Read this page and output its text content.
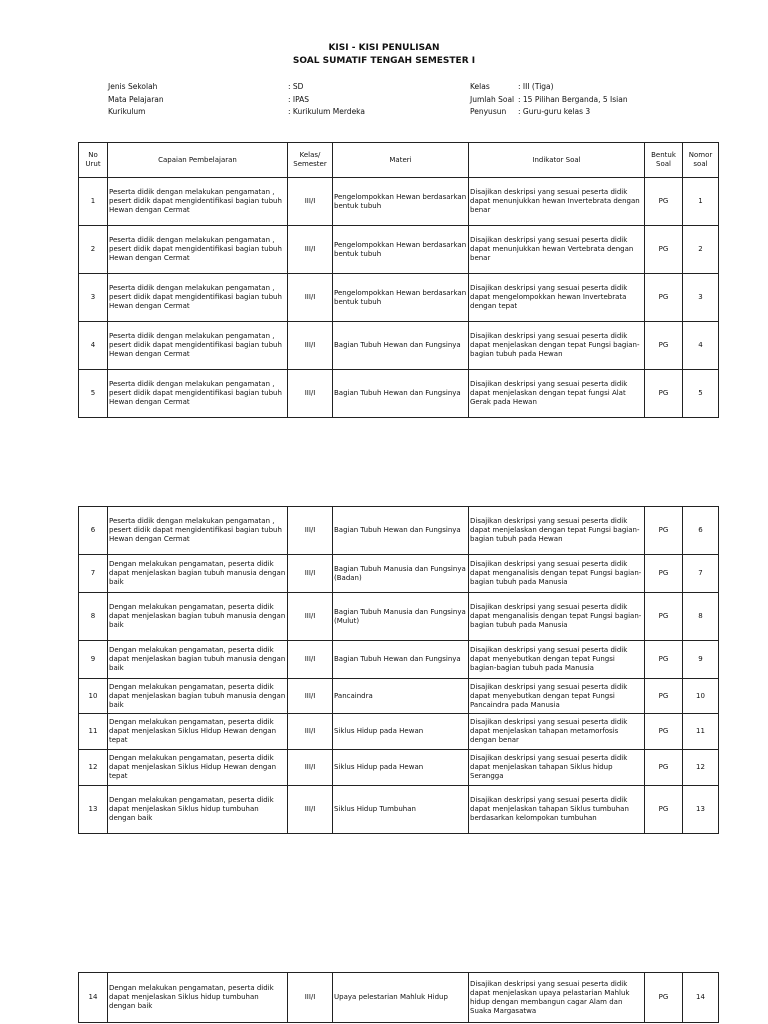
KISI - KISI PENULISAN
SOAL SUMATIF TENGAH SEMESTER I
Jenis Sekolah	: SD
Mata Pelajaran	: IPAS
Kurikulum	: Kurikulum Merdeka
Kelas	: III (Tiga)
Jumlah Soal : 15 Pilihan Berganda, 5 Isian
Penyusun : Guru-guru kelas 3
No Urut	Capaian Pembelajaran	Kelas/ Semester	Materi	Indikator Soal	Bentuk Soal	Nomor soal
1	Peserta didik dengan melakukan pengamatan , pesert didik dapat mengidentifikasi bagian tubuh Hewan dengan Cermat	III/I	Pengelompokkan Hewan berdasarkan bentuk tubuh	Disajikan deskripsi yang sesuai peserta didik dapat menunjukkan hewan Invertebrata dengan benar	PG	1
2	Peserta didik dengan melakukan pengamatan , pesert didik dapat mengidentifikasi bagian tubuh Hewan dengan Cermat	III/I	Pengelompokkan Hewan berdasarkan bentuk tubuh	Disajikan deskripsi yang sesuai peserta didik dapat menunjukkan hewan Vertebrata dengan benar	PG	2
3	Peserta didik dengan melakukan pengamatan , pesert didik dapat mengidentifikasi bagian tubuh Hewan dengan Cermat	III/I	Pengelompokkan Hewan berdasarkan bentuk tubuh	Disajikan deskripsi yang sesuai peserta didik dapat mengelompokkan hewan Invertebrata dengan tepat	PG	3
4	Peserta didik dengan melakukan pengamatan , pesert didik dapat mengidentifikasi bagian tubuh Hewan dengan Cermat	III/I	Bagian Tubuh Hewan dan Fungsinya	Disajikan deskripsi yang sesuai peserta didik dapat menjelaskan dengan tepat Fungsi bagian-bagian tubuh pada Hewan	PG	4
5	Peserta didik dengan melakukan pengamatan , pesert didik dapat mengidentifikasi bagian tubuh Hewan dengan Cermat	III/I	Bagian Tubuh Hewan dan Fungsinya	Disajikan deskripsi yang sesuai peserta didik dapat menjelaskan dengan tepat fungsi Alat Gerak pada Hewan	PG	5
6	Peserta didik dengan melakukan pengamatan , pesert didik dapat mengidentifikasi bagian tubuh Hewan dengan Cermat	III/I	Bagian Tubuh Hewan dan Fungsinya	Disajikan deskripsi yang sesuai peserta didik dapat menjelaskan dengan tepat Fungsi bagian-bagian tubuh pada Hewan	PG	6
7	Dengan melakukan pengamatan, peserta didik dapat menjelaskan bagian tubuh manusia dengan baik	III/I	Bagian Tubuh Manusia dan Fungsinya (Badan)	Disajikan deskripsi yang sesuai peserta didik dapat menganalisis dengan tepat Fungsi bagian-bagian tubuh pada Manusia	PG	7
8	Dengan melakukan pengamatan, peserta didik dapat menjelaskan bagian tubuh manusia dengan baik	III/I	Bagian Tubuh Manusia dan Fungsinya (Mulut)	Disajikan deskripsi yang sesuai peserta didik dapat menganalisis dengan tepat Fungsi bagian-bagian tubuh pada Manusia	PG	8
9	Dengan melakukan pengamatan, peserta didik dapat menjelaskan bagian tubuh manusia dengan baik	III/I	Bagian Tubuh Hewan dan Fungsinya	Disajikan deskripsi yang sesuai peserta didik dapat menyebutkan dengan tepat Fungsi bagian-bagian tubuh pada Manusia	PG	9
10	Dengan melakukan pengamatan, peserta didik dapat menjelaskan bagian tubuh manusia dengan baik	III/I	Pancaindra	Disajikan deskripsi yang sesuai peserta didik dapat menyebutkan dengan tepat Fungsi Pancaindra pada Manusia	PG	10
11	Dengan melakukan pengamatan, peserta didik dapat menjelaskan Siklus Hidup Hewan dengan tepat	III/I	Siklus Hidup pada Hewan	Disajikan deskripsi yang sesuai peserta didik dapat menjelaskan tahapan metamorfosis dengan benar	PG	11
12	Dengan melakukan pengamatan, peserta didik dapat menjelaskan Siklus Hidup Hewan dengan tepat	III/I	Siklus Hidup pada Hewan	Disajikan deskripsi yang sesuai peserta didik dapat menjelaskan tahapan Siklus hidup Serangga	PG	12
13	Dengan melakukan pengamatan, peserta didik dapat menjelaskan Siklus hidup tumbuhan dengan baik	III/I	Siklus Hidup Tumbuhan	Disajikan deskripsi yang sesuai peserta didik dapat menjelaskan tahapan Siklus tumbuhan berdasarkan kelompokan tumbuhan	PG	13
14	Dengan melakukan pengamatan, peserta didik dapat menjelaskan Siklus hidup tumbuhan dengan baik	III/I	Upaya pelestarian Mahluk Hidup	Disajikan deskripsi yang sesuai peserta didik dapat menjelaskan upaya pelastarian Mahluk hidup dengan membangun cagar Alam dan Suaka Margasatwa	PG	14
